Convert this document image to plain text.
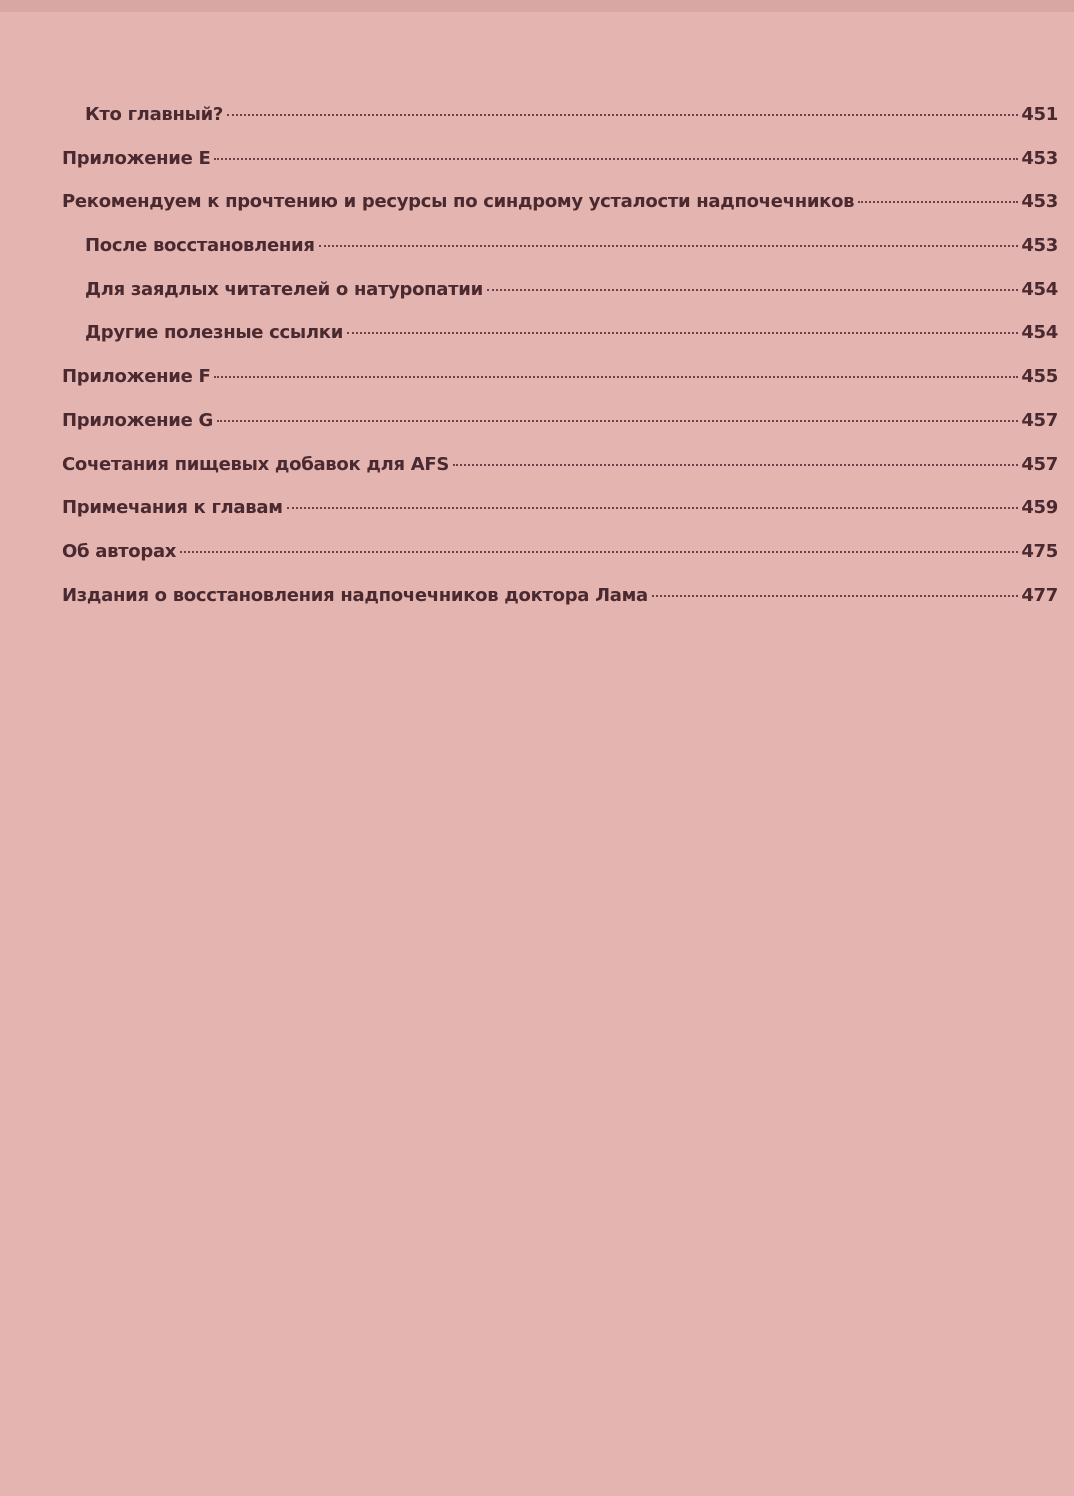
Кто главный?	451
Приложение E	453
Рекомендуем к прочтению и ресурсы по синдрому усталости надпочечников	453
После восстановления	453
Для заядлых читателей о натуропатии	454
Другие полезные ссылки	454
Приложение F	455
Приложение G	457
Сочетания пищевых добавок для AFS	457
Примечания к главам	459
Об авторах	475
Издания о восстановления надпочечников доктора Лама	477
